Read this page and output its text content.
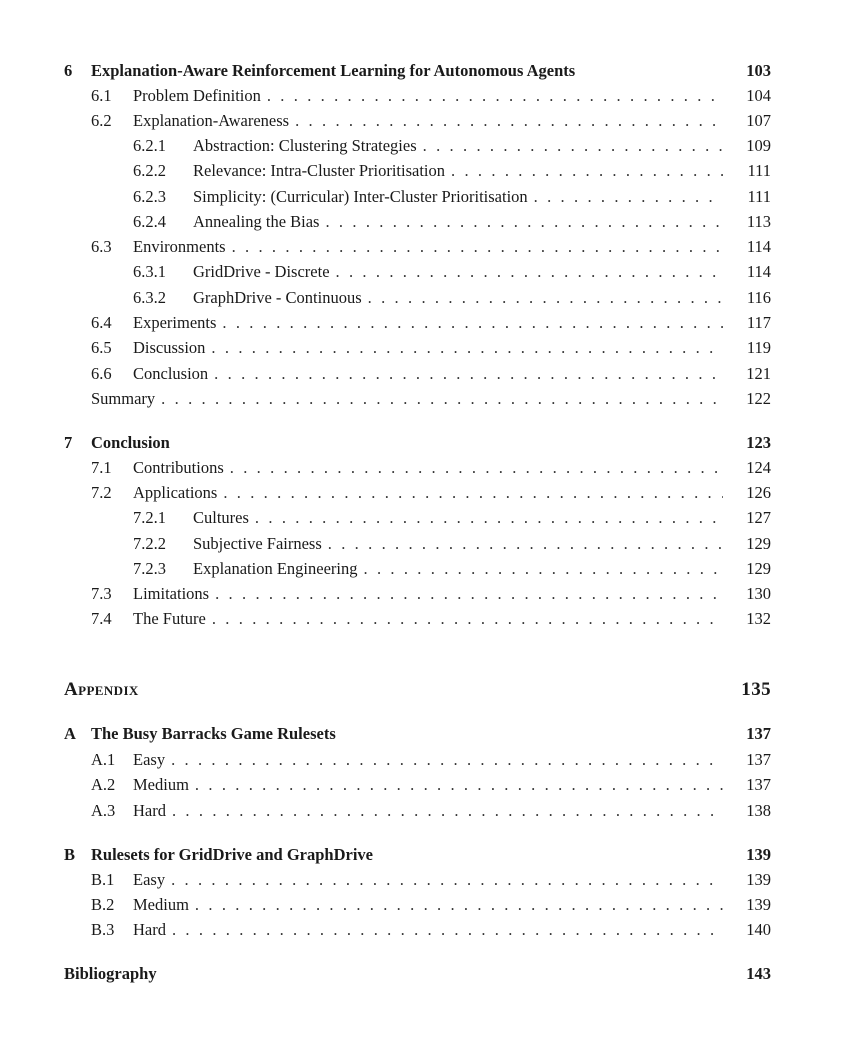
6	Explanation-Aware Reinforcement Learning for Autonomous Agents	103
6.1	Problem Definition . . .	104
6.2	Explanation-Awareness . . .	107
6.2.1	Abstraction: Clustering Strategies . . .	109
6.2.2	Relevance: Intra-Cluster Prioritisation . . .	111
6.2.3	Simplicity: (Curricular) Inter-Cluster Prioritisation . . .	111
6.2.4	Annealing the Bias . . .	113
6.3	Environments . . .	114
6.3.1	GridDrive - Discrete . . .	114
6.3.2	GraphDrive - Continuous . . .	116
6.4	Experiments . . .	117
6.5	Discussion . . .	119
6.6	Conclusion . . .	121
Summary . . .	122
7	Conclusion	123
7.1	Contributions . . .	124
7.2	Applications . . .	126
7.2.1	Cultures . . .	127
7.2.2	Subjective Fairness . . .	129
7.2.3	Explanation Engineering . . .	129
7.3	Limitations . . .	130
7.4	The Future . . .	132
Appendix	135
A The Busy Barracks Game Rulesets	137
A.1	Easy . . .	137
A.2	Medium . . .	137
A.3	Hard . . .	138
B Rulesets for GridDrive and GraphDrive	139
B.1	Easy . . .	139
B.2	Medium . . .	139
B.3	Hard . . .	140
Bibliography	143
